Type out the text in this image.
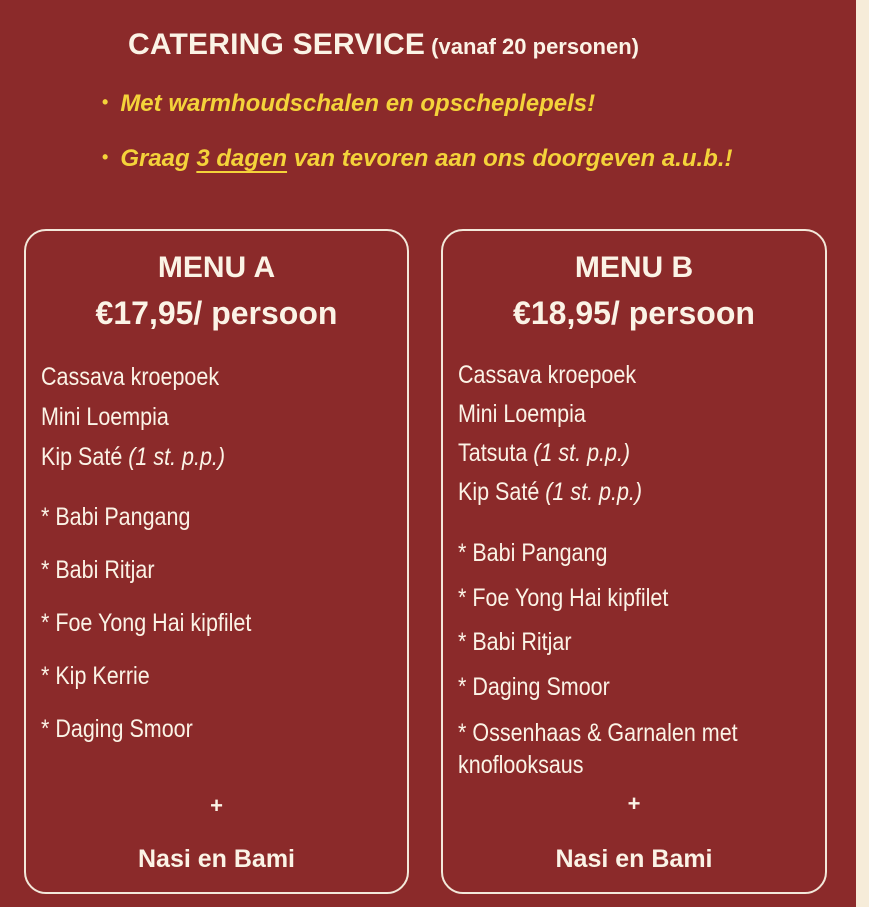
CATERING SERVICE (vanaf 20 personen)
• Met warmhoudschalen en opscheplepels!
• Graag 3 dagen van tevoren aan ons doorgeven a.u.b.!
MENU A
€17,95/ persoon
Cassava kroepoek
Mini Loempia
Kip Saté (1 st. p.p.)
* Babi Pangang
* Babi Ritjar
* Foe Yong Hai kipfilet
* Kip Kerrie
* Daging Smoor
+
Nasi en Bami
MENU B
€18,95/ persoon
Cassava kroepoek
Mini Loempia
Tatsuta (1 st. p.p.)
Kip Saté (1 st. p.p.)
* Babi Pangang
* Foe Yong Hai kipfilet
* Babi Ritjar
* Daging Smoor
* Ossenhaas & Garnalen met knoflooksaus
+
Nasi en Bami
